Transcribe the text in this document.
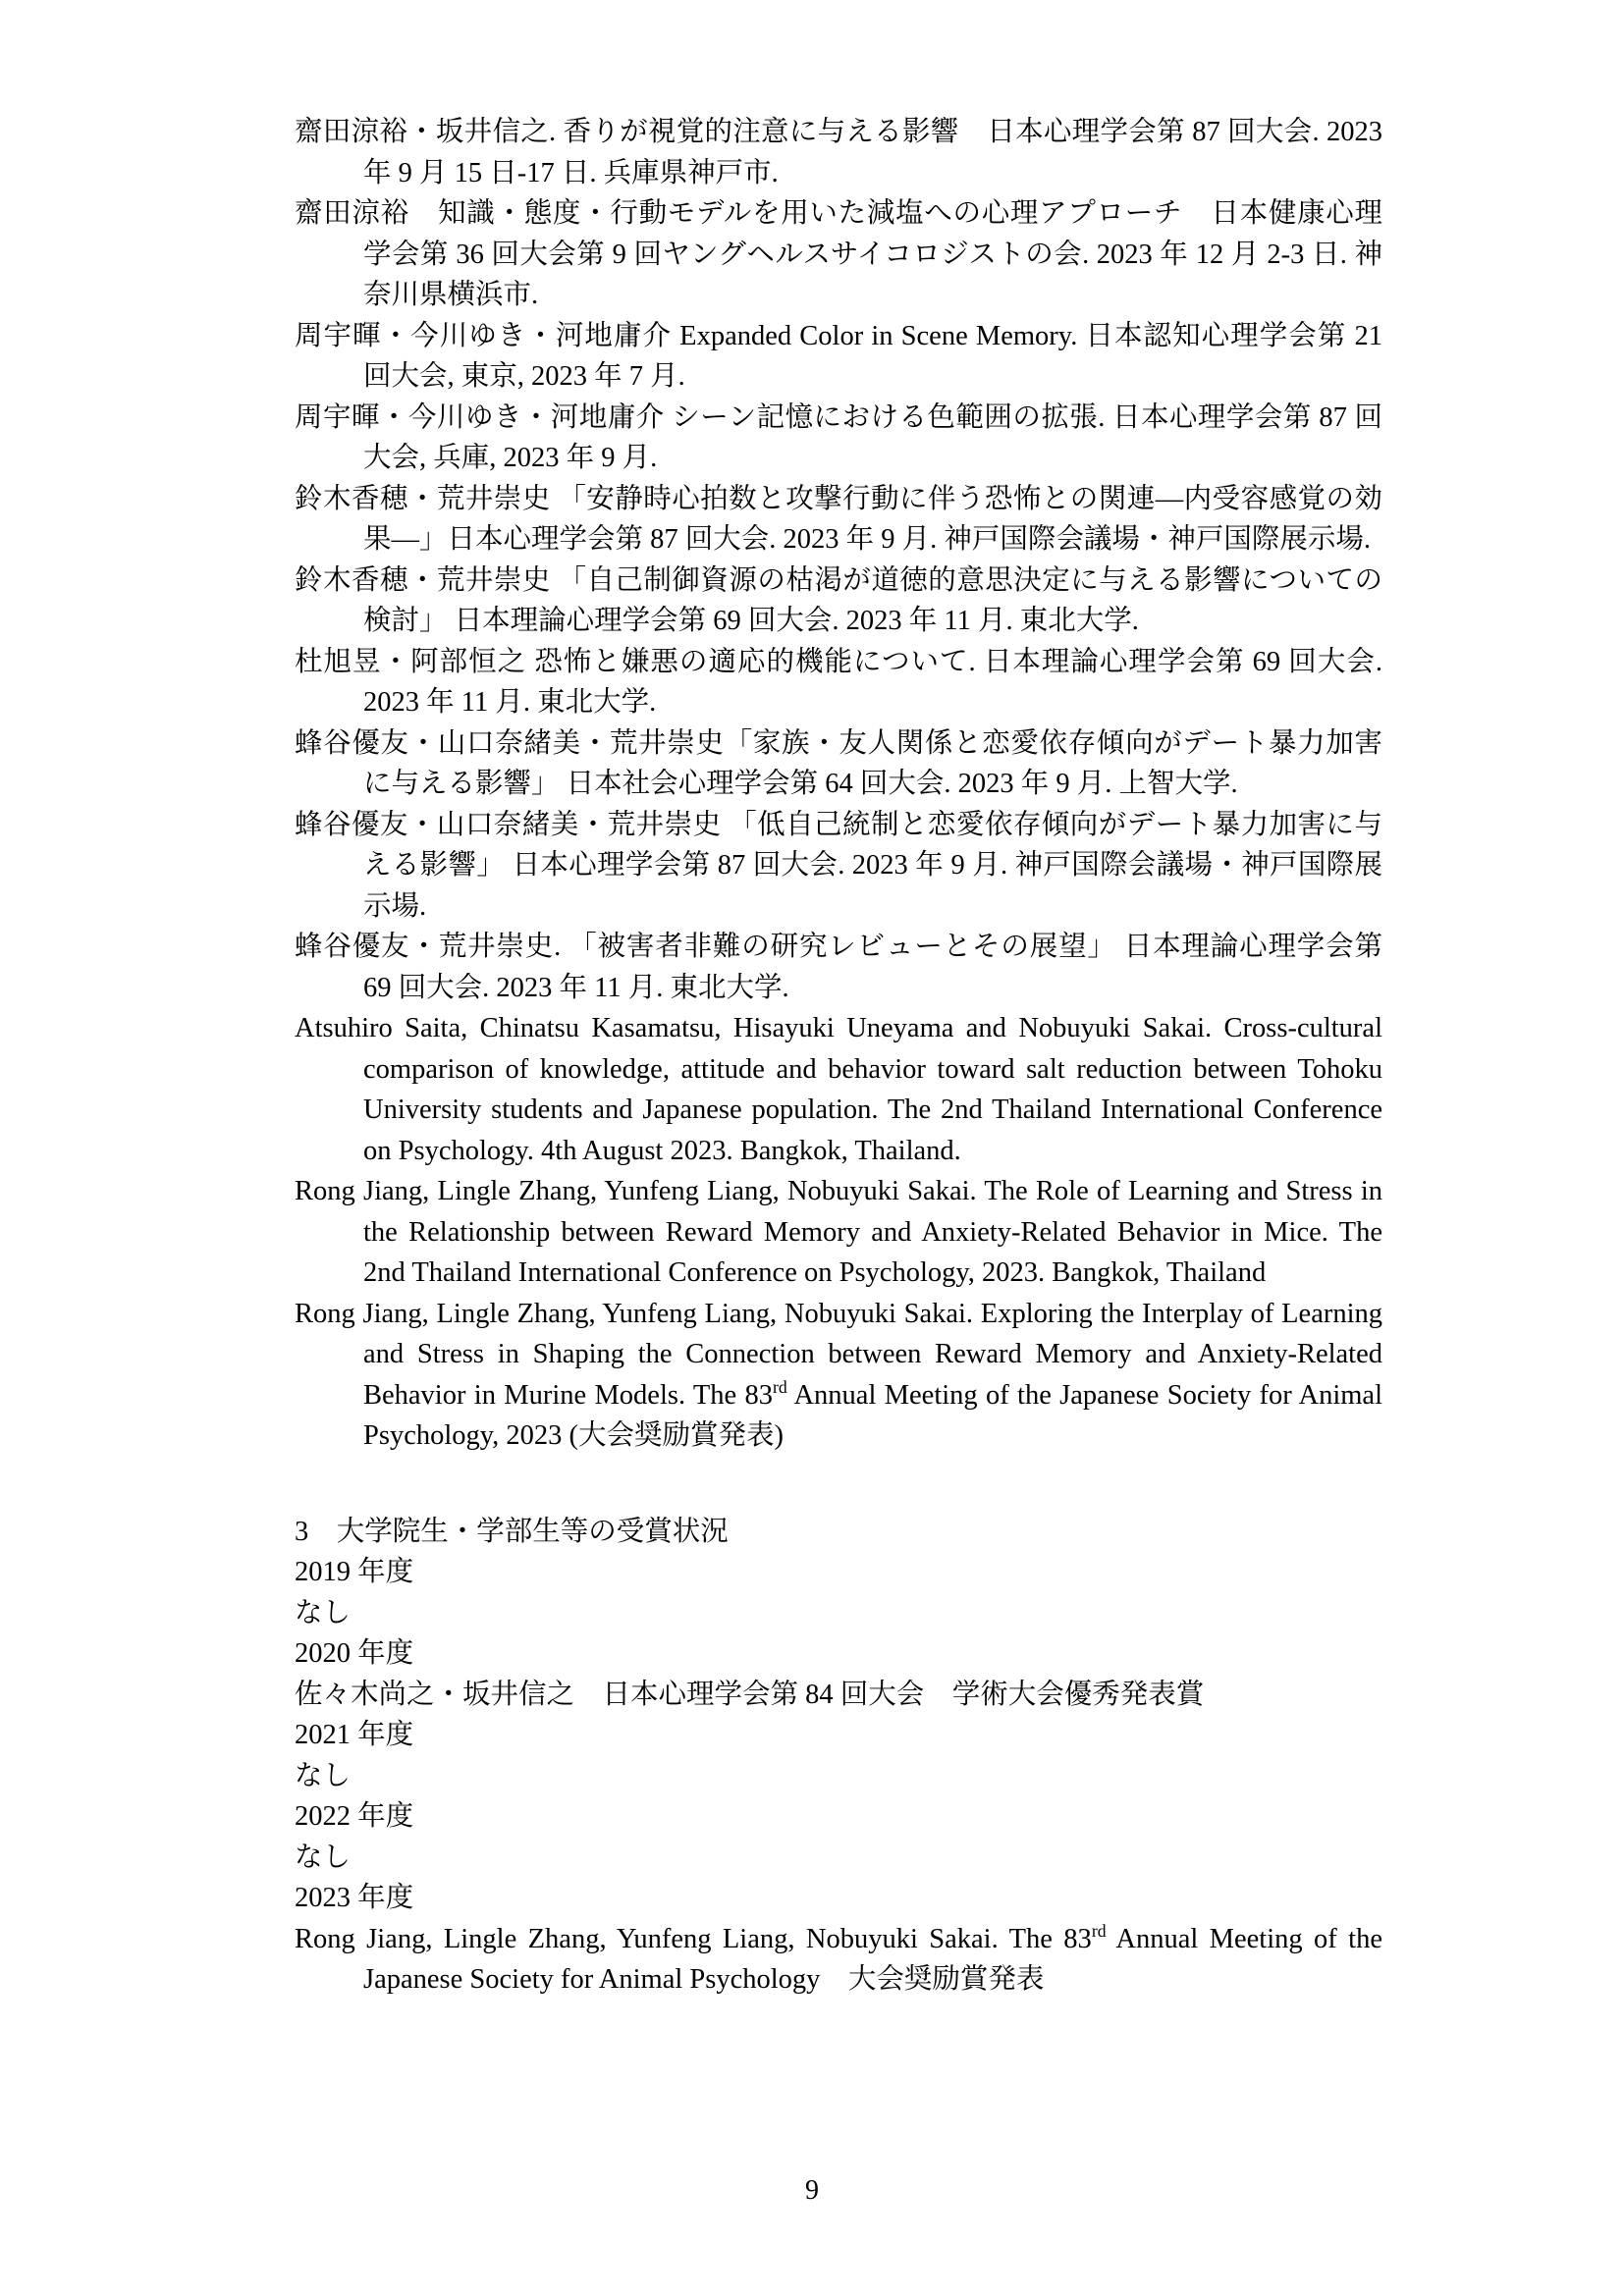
齋田涼裕・坂井信之. 香りが視覚的注意に与える影響　日本心理学会第 87 回大会. 2023 年 9 月 15 日-17 日. 兵庫県神戸市.

齋田涼裕　知識・態度・行動モデルを用いた減塩への心理アプローチ　日本健康心理学会第 36 回大会第 9 回ヤングヘルスサイコロジストの会. 2023 年 12 月 2-3 日. 神奈川県横浜市.

周宇暉・今川ゆき・河地庸介 Expanded Color in Scene Memory. 日本認知心理学会第 21 回大会, 東京, 2023 年 7 月.

周宇暉・今川ゆき・河地庸介 シーン記憶における色範囲の拡張. 日本心理学会第 87 回大会, 兵庫, 2023 年 9 月.

鈴木香穂・荒井崇史 「安静時心拍数と攻撃行動に伴う恐怖との関連―内受容感覚の効果―」日本心理学会第 87 回大会. 2023 年 9 月. 神戸国際会議場・神戸国際展示場.

鈴木香穂・荒井崇史 「自己制御資源の枯渇が道徳的意思決定に与える影響についての検討」 日本理論心理学会第 69 回大会. 2023 年 11 月. 東北大学.

杜旭昱・阿部恒之 恐怖と嫌悪の適応的機能について. 日本理論心理学会第 69 回大会. 2023 年 11 月. 東北大学.

蜂谷優友・山口奈緒美・荒井崇史「家族・友人関係と恋愛依存傾向がデート暴力加害に与える影響」 日本社会心理学会第 64 回大会. 2023 年 9 月. 上智大学.

蜂谷優友・山口奈緒美・荒井崇史 「低自己統制と恋愛依存傾向がデート暴力加害に与える影響」 日本心理学会第 87 回大会. 2023 年 9 月. 神戸国際会議場・神戸国際展示場.

蜂谷優友・荒井崇史. 「被害者非難の研究レビューとその展望」 日本理論心理学会第 69 回大会. 2023 年 11 月. 東北大学.

Atsuhiro Saita, Chinatsu Kasamatsu, Hisayuki Uneyama and Nobuyuki Sakai. Cross-cultural comparison of knowledge, attitude and behavior toward salt reduction between Tohoku University students and Japanese population. The 2nd Thailand International Conference on Psychology. 4th August 2023. Bangkok, Thailand.

Rong Jiang, Lingle Zhang, Yunfeng Liang, Nobuyuki Sakai. The Role of Learning and Stress in the Relationship between Reward Memory and Anxiety-Related Behavior in Mice. The 2nd Thailand International Conference on Psychology, 2023. Bangkok, Thailand

Rong Jiang, Lingle Zhang, Yunfeng Liang, Nobuyuki Sakai. Exploring the Interplay of Learning and Stress in Shaping the Connection between Reward Memory and Anxiety-Related Behavior in Murine Models. The 83rd Annual Meeting of the Japanese Society for Animal Psychology, 2023 (大会奨励賞発表)

3　大学院生・学部生等の受賞状況

2019 年度

なし

2020 年度

佐々木尚之・坂井信之　日本心理学会第 84 回大会　学術大会優秀発表賞

2021 年度

なし

2022 年度

なし

2023 年度

Rong Jiang, Lingle Zhang, Yunfeng Liang, Nobuyuki Sakai. The 83rd Annual Meeting of the Japanese Society for Animal Psychology　大会奨励賞発表

9
